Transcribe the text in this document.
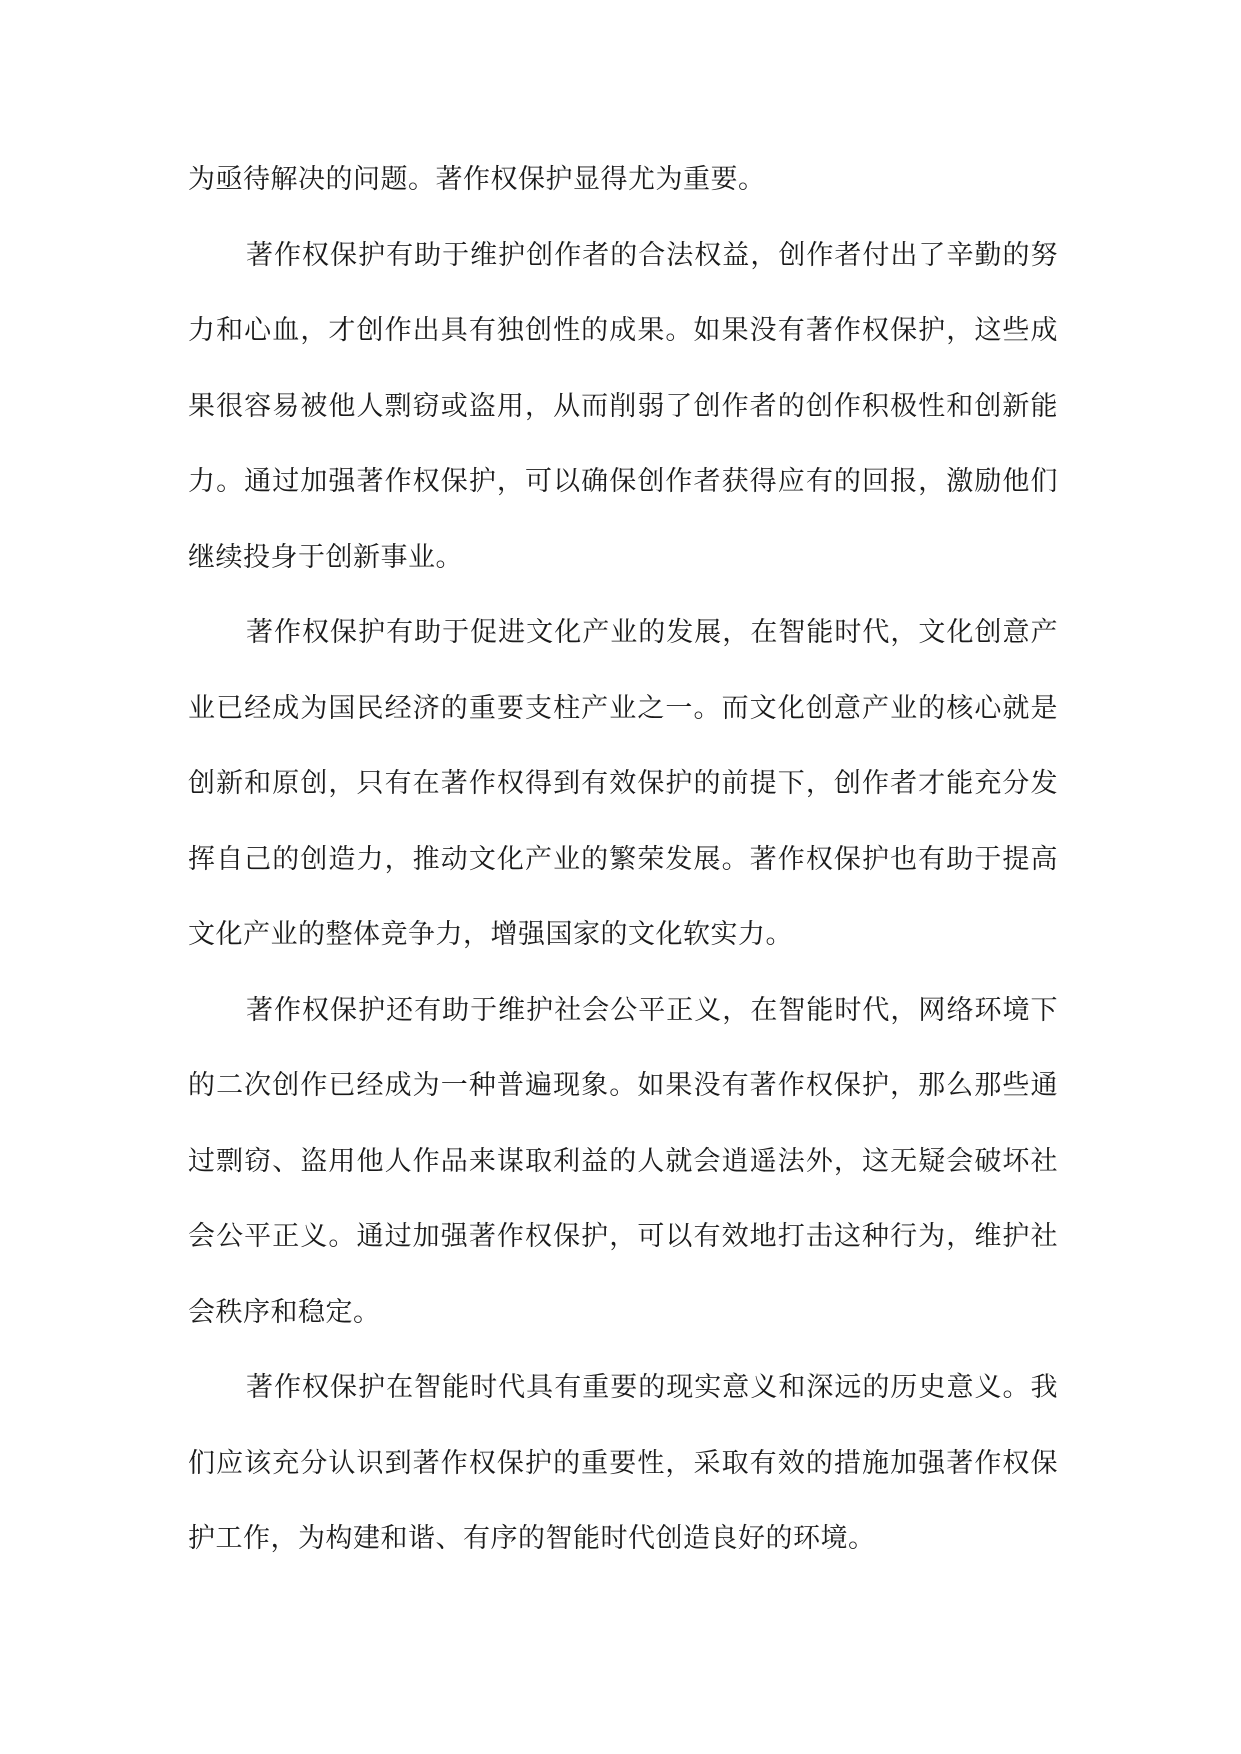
为亟待解决的问题。著作权保护显得尤为重要。

著作权保护有助于维护创作者的合法权益，创作者付出了辛勤的努力和心血，才创作出具有独创性的成果。如果没有著作权保护，这些成果很容易被他人剽窃或盗用，从而削弱了创作者的创作积极性和创新能力。通过加强著作权保护，可以确保创作者获得应有的回报，激励他们继续投身于创新事业。

著作权保护有助于促进文化产业的发展，在智能时代，文化创意产业已经成为国民经济的重要支柱产业之一。而文化创意产业的核心就是创新和原创，只有在著作权得到有效保护的前提下，创作者才能充分发挥自己的创造力，推动文化产业的繁荣发展。著作权保护也有助于提高文化产业的整体竞争力，增强国家的文化软实力。

著作权保护还有助于维护社会公平正义，在智能时代，网络环境下的二次创作已经成为一种普遍现象。如果没有著作权保护，那么那些通过剽窃、盗用他人作品来谋取利益的人就会逍遥法外，这无疑会破坏社会公平正义。通过加强著作权保护，可以有效地打击这种行为，维护社会秩序和稳定。

著作权保护在智能时代具有重要的现实意义和深远的历史意义。我们应该充分认识到著作权保护的重要性，采取有效的措施加强著作权保护工作，为构建和谐、有序的智能时代创造良好的环境。
